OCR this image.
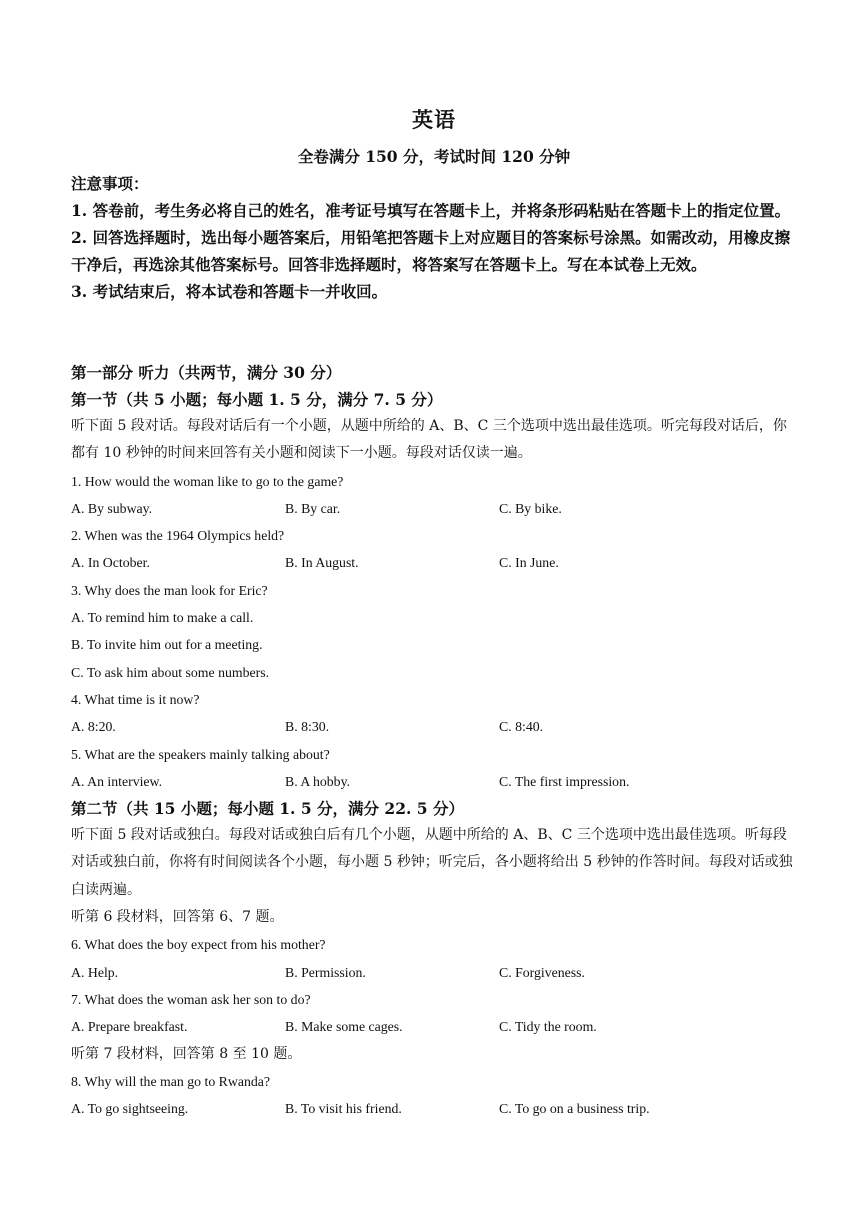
英语
全卷满分 150 分，考试时间 120 分钟

注意事项：

1. 答卷前，考生务必将自己的姓名，准考证号填写在答题卡上，并将条形码粘贴在答题卡上的指定位置。

2. 回答选择题时，选出每小题答案后，用铅笔把答题卡上对应题目的答案标号涂黑。如需改动，用橡皮擦干净后，再选涂其他答案标号。回答非选择题时，将答案写在答题卡上。写在本试卷上无效。

3. 考试结束后，将本试卷和答题卡一并收回。

第一部分 听力（共两节，满分 30 分）

第一节（共 5 小题；每小题 1. 5 分，满分 7. 5 分）

听下面 5 段对话。每段对话后有一个小题，从题中所给的 A、B、C 三个选项中选出最佳选项。听完每段对话后，你都有 10 秒钟的时间来回答有关小题和阅读下一小题。每段对话仅读一遍。

1. How would the woman like to go to the game?

A. By subway.	B. By car.	C. By bike.

2. When was the 1964 Olympics held?

A. In October.	B. In August.	C. In June.

3. Why does the man look for Eric?

A. To remind him to make a call.

B. To invite him out for a meeting.

C. To ask him about some numbers.

4. What time is it now?

A. 8:20.	B. 8:30.	C. 8:40.

5. What are the speakers mainly talking about?

A. An interview.	B. A hobby.	C. The first impression.

第二节（共 15 小题；每小题 1. 5 分，满分 22. 5 分）

听下面 5 段对话或独白。每段对话或独白后有几个小题，从题中所给的 A、B、C 三个选项中选出最佳选项。听每段对话或独白前，你将有时间阅读各个小题，每小题 5 秒钟；听完后，各小题将给出 5 秒钟的作答时间。每段对话或独白读两遍。

听第 6 段材料，回答第 6、7 题。

6. What does the boy expect from his mother?

A. Help.	B. Permission.	C. Forgiveness.

7. What does the woman ask her son to do?

A. Prepare breakfast.	B. Make some cages.	C. Tidy the room.

听第 7 段材料，回答第 8 至 10 题。

8. Why will the man go to Rwanda?

A. To go sightseeing.	B. To visit his friend.	C. To go on a business trip.
